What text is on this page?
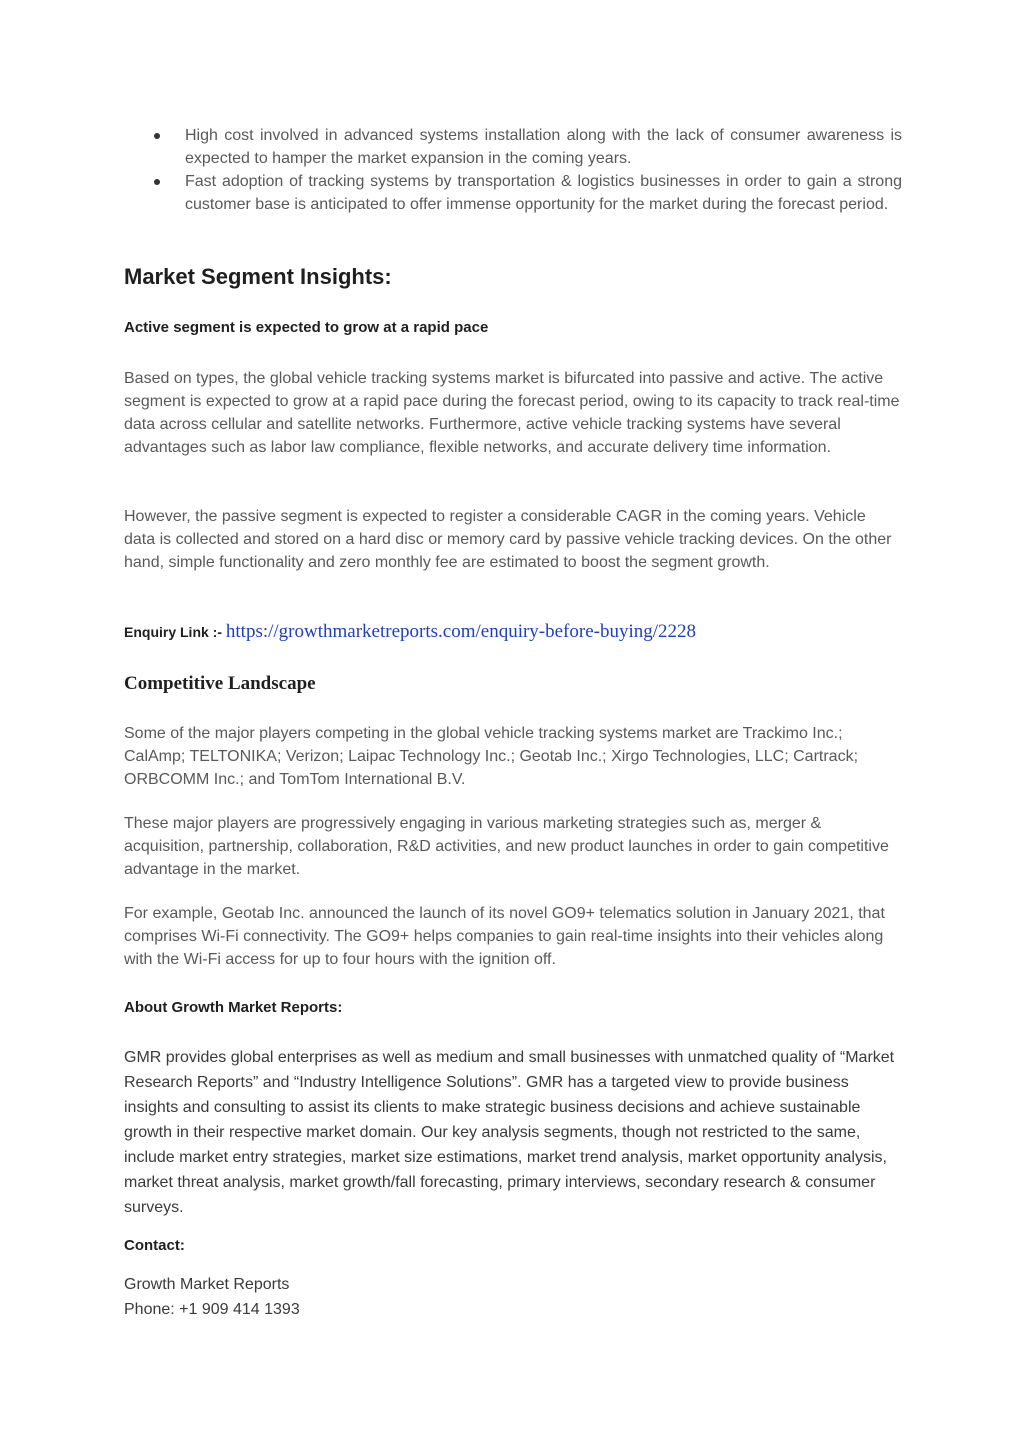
High cost involved in advanced systems installation along with the lack of consumer awareness is expected to hamper the market expansion in the coming years.
Fast adoption of tracking systems by transportation & logistics businesses in order to gain a strong customer base is anticipated to offer immense opportunity for the market during the forecast period.
Market Segment Insights:
Active segment is expected to grow at a rapid pace
Based on types, the global vehicle tracking systems market is bifurcated into passive and active. The active segment is expected to grow at a rapid pace during the forecast period, owing to its capacity to track real-time data across cellular and satellite networks. Furthermore, active vehicle tracking systems have several advantages such as labor law compliance, flexible networks, and accurate delivery time information.
However, the passive segment is expected to register a considerable CAGR in the coming years. Vehicle data is collected and stored on a hard disc or memory card by passive vehicle tracking devices. On the other hand, simple functionality and zero monthly fee are estimated to boost the segment growth.
Enquiry Link :- https://growthmarketreports.com/enquiry-before-buying/2228
Competitive Landscape
Some of the major players competing in the global vehicle tracking systems market are Trackimo Inc.; CalAmp; TELTONIKA; Verizon; Laipac Technology Inc.; Geotab Inc.; Xirgo Technologies, LLC; Cartrack; ORBCOMM Inc.; and TomTom International B.V.
These major players are progressively engaging in various marketing strategies such as, merger & acquisition, partnership, collaboration, R&D activities, and new product launches in order to gain competitive advantage in the market.
For example, Geotab Inc. announced the launch of its novel GO9+ telematics solution in January 2021, that comprises Wi-Fi connectivity. The GO9+ helps companies to gain real-time insights into their vehicles along with the Wi-Fi access for up to four hours with the ignition off.
About Growth Market Reports:
GMR provides global enterprises as well as medium and small businesses with unmatched quality of “Market Research Reports” and “Industry Intelligence Solutions”. GMR has a targeted view to provide business insights and consulting to assist its clients to make strategic business decisions and achieve sustainable growth in their respective market domain. Our key analysis segments, though not restricted to the same, include market entry strategies, market size estimations, market trend analysis, market opportunity analysis, market threat analysis, market growth/fall forecasting, primary interviews, secondary research & consumer surveys.
Contact:
Growth Market Reports
Phone: +1 909 414 1393
